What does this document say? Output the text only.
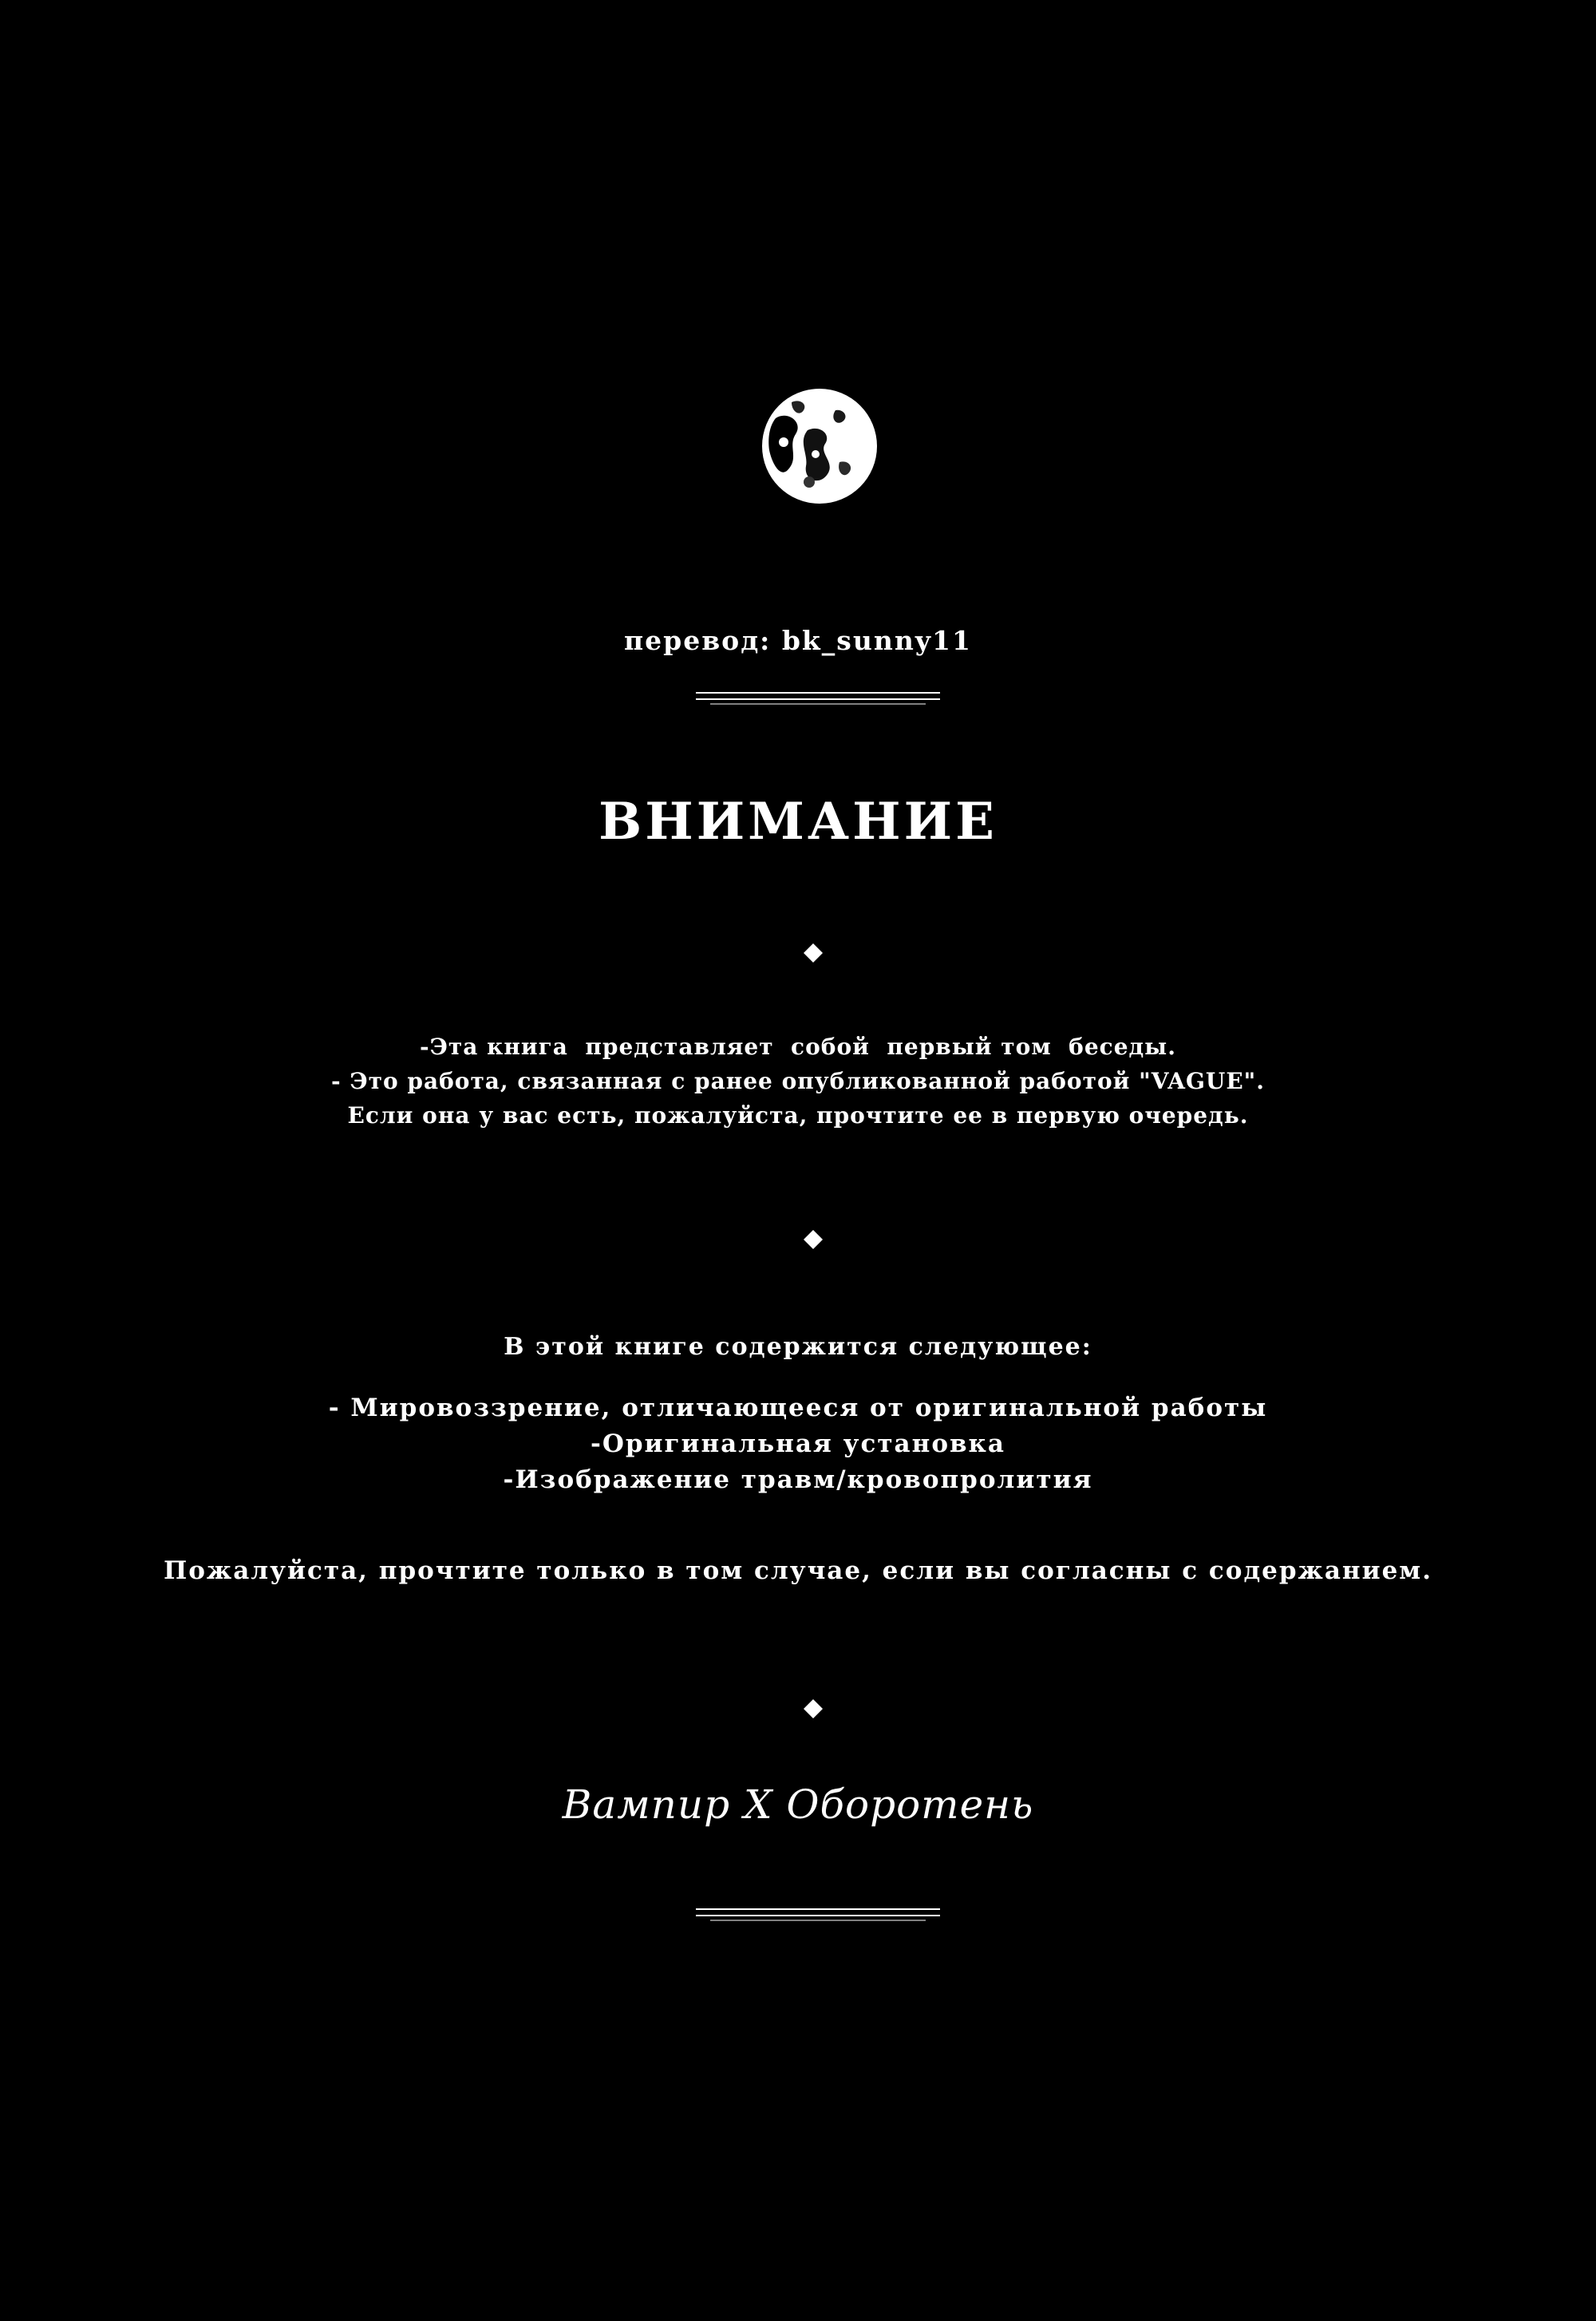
перевод: bk_sunny11
ВНИМАНИЕ
-Эта книга  представляет  собой  первый том  беседы.
- Это работа, связанная с ранее опубликованной работой "VAGUE".
Если она у вас есть, пожалуйста, прочтите ее в первую очередь.
В этой книге содержится следующее:
- Мировоззрение, отличающееся от оригинальной работы
-Оригинальная установка
-Изображение травм/кровопролития
Пожалуйста, прочтите только в том случае, если вы согласны с содержанием.
Вампир X Оборотень
